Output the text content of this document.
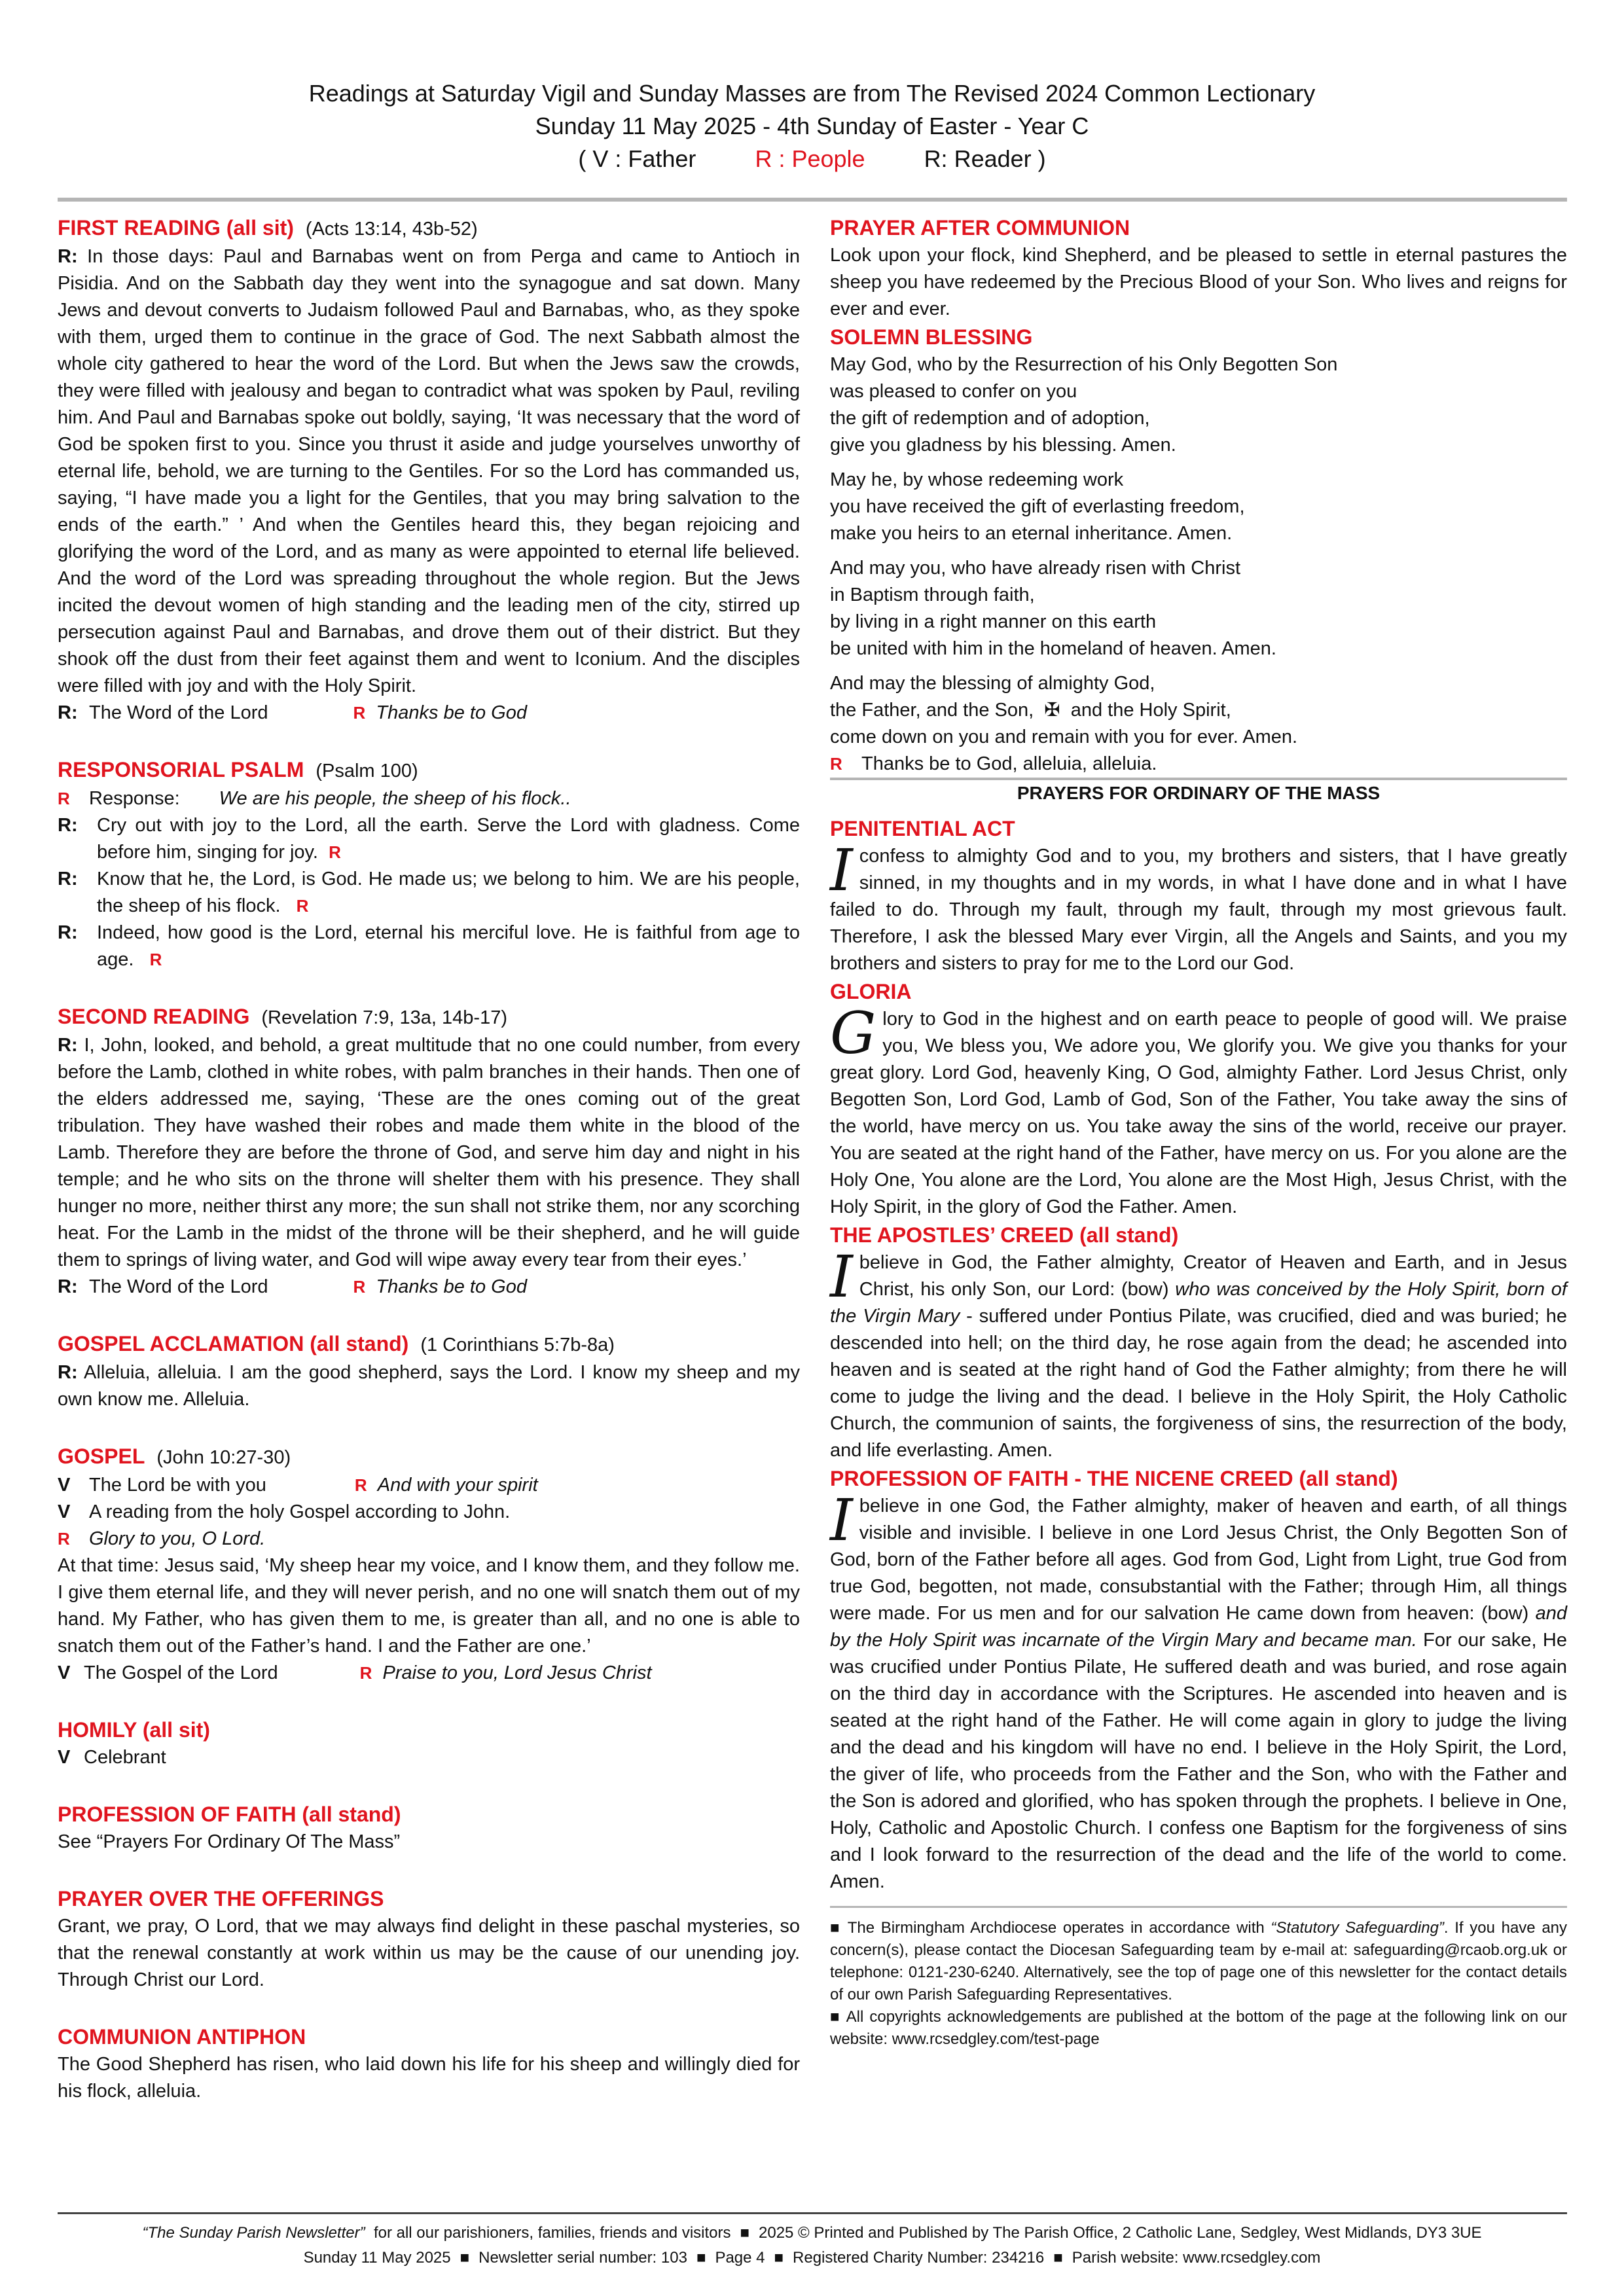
Readings at Saturday Vigil and Sunday Masses are from The Revised 2024 Common Lectionary
Sunday 11 May 2025 - 4th Sunday of Easter - Year C
( V : Father	R : People	R: Reader )
FIRST READING (all sit) (Acts 13:14, 43b-52)

R: In those days: Paul and Barnabas went on from Perga and came to Antioch in Pisidia. And on the Sabbath day they went into the synagogue and sat down. Many Jews and devout converts to Judaism followed Paul and Barnabas, who, as they spoke with them, urged them to continue in the grace of God. The next Sabbath almost the whole city gathered to hear the word of the Lord. But when the Jews saw the crowds, they were filled with jealousy and began to contradict what was spoken by Paul, reviling him. And Paul and Barnabas spoke out boldly, saying, ‘It was necessary that the word of God be spoken first to you. Since you thrust it aside and judge yourselves unworthy of eternal life, behold, we are turning to the Gentiles. For so the Lord has commanded us, saying, “I have made you a light for the Gentiles, that you may bring salvation to the ends of the earth.” ’ And when the Gentiles heard this, they began rejoicing and glorifying the word of the Lord, and as many as were appointed to eternal life believed. And the word of the Lord was spreading throughout the whole region. But the Jews incited the devout women of high standing and the leading men of the city, stirred up persecution against Paul and Barnabas, and drove them out of their district. But they shook off the dust from their feet against them and went to Iconium. And the disciples were filled with joy and with the Holy Spirit.

R: The Word of the Lord	R Thanks be to God
RESPONSORIAL PSALM (Psalm 100)
R Response: We are his people, the sheep of his flock..

R: Cry out with joy to the Lord, all the earth. Serve the Lord with gladness. Come before him, singing for joy. R

R: Know that he, the Lord, is God. He made us; we belong to him. We are his people, the sheep of his flock. R

R: Indeed, how good is the Lord, eternal his merciful love. He is faithful from age to age. R

SECOND READING (Revelation 7:9, 13a, 14b-17)

R: I, John, looked, and behold, a great multitude that no one could number, from every before the Lamb, clothed in white robes, with palm branches in their hands. Then one of the elders addressed me, saying, ‘These are the ones coming out of the great tribulation. They have washed their robes and made them white in the blood of the Lamb. Therefore they are before the throne of God, and serve him day and night in his temple; and he who sits on the throne will shelter them with his presence. They shall hunger no more, neither thirst any more; the sun shall not strike them, nor any scorching heat. For the Lamb in the midst of the throne will be their shepherd, and he will guide them to springs of living water, and God will wipe away every tear from their eyes.’

R: The Word of the Lord	R Thanks be to God
GOSPEL ACCLAMATION (all stand) (1 Corinthians 5:7b-8a)

R: Alleluia, alleluia. I am the good shepherd, says the Lord. I know my sheep and my own know me. Alleluia.

GOSPEL (John 10:27-30)
V The Lord be with you	R And with your spirit
V A reading from the holy Gospel according to John.
R Glory to you, O Lord.

At that time: Jesus said, ‘My sheep hear my voice, and I know them, and they follow me. I give them eternal life, and they will never perish, and no one will snatch them out of my hand. My Father, who has given them to me, is greater than all, and no one is able to snatch them out of the Father’s hand. I and the Father are one.’

V The Gospel of the Lord	R Praise to you, Lord Jesus Christ
HOMILY (all sit)
V Celebrant
PROFESSION OF FAITH (all stand)

See “Prayers For Ordinary Of The Mass”

PRAYER OVER THE OFFERINGS

Grant, we pray, O Lord, that we may always find delight in these paschal mysteries, so that the renewal constantly at work within us may be the cause of our unending joy. Through Christ our Lord.

COMMUNION ANTIPHON

The Good Shepherd has risen, who laid down his life for his sheep and willingly died for his flock, alleluia.

PRAYER AFTER COMMUNION

Look upon your flock, kind Shepherd, and be pleased to settle in eternal pastures the sheep you have redeemed by the Precious Blood of your Son. Who lives and reigns for ever and ever.

SOLEMN BLESSING
May God, who by the Resurrection of his Only Begotten Son
was pleased to confer on you
the gift of redemption and of adoption,
give you gladness by his blessing. Amen.
May he, by whose redeeming work
you have received the gift of everlasting freedom,
make you heirs to an eternal inheritance. Amen.
And may you, who have already risen with Christ
in Baptism through faith,
by living in a right manner on this earth
be united with him in the homeland of heaven. Amen.
And may the blessing of almighty God,
the Father, and the Son, ✠ and the Holy Spirit,
come down on you and remain with you for ever. Amen.
R Thanks be to God, alleluia, alleluia.
PRAYERS FOR ORDINARY OF THE MASS
PENITENTIAL ACT

Iconfess to almighty God and to you, my brothers and sisters, that I have greatly sinned, in my thoughts and in my words, in what I have done and in what I have failed to do. Through my fault, through my fault, through my most grievous fault. Therefore, I ask the blessed Mary ever Virgin, all the Angels and Saints, and you my brothers and sisters to pray for me to the Lord our God.

GLORIA

Glory to God in the highest and on earth peace to people of good will. We praise you, We bless you, We adore you, We glorify you. We give you thanks for your great glory. Lord God, heavenly King, O God, almighty Father. Lord Jesus Christ, only Begotten Son, Lord God, Lamb of God, Son of the Father, You take away the sins of the world, have mercy on us. You take away the sins of the world, receive our prayer. You are seated at the right hand of the Father, have mercy on us. For you alone are the Holy One, You alone are the Lord, You alone are the Most High, Jesus Christ, with the Holy Spirit, in the glory of God the Father. Amen.

THE APOSTLES’ CREED (all stand)

Ibelieve in God, the Father almighty, Creator of Heaven and Earth, and in Jesus Christ, his only Son, our Lord: (bow) who was conceived by the Holy Spirit, born of the Virgin Mary - suffered under Pontius Pilate, was crucified, died and was buried; he descended into hell; on the third day, he rose again from the dead; he ascended into heaven and is seated at the right hand of God the Father almighty; from there he will come to judge the living and the dead. I believe in the Holy Spirit, the Holy Catholic Church, the communion of saints, the forgiveness of sins, the resurrection of the body, and life everlasting. Amen.

PROFESSION OF FAITH - THE NICENE CREED (all stand)

Ibelieve in one God, the Father almighty, maker of heaven and earth, of all things visible and invisible. I believe in one Lord Jesus Christ, the Only Begotten Son of God, born of the Father before all ages. God from God, Light from Light, true God from true God, begotten, not made, consubstantial with the Father; through Him, all things were made. For us men and for our salvation He came down from heaven: (bow) and by the Holy Spirit was incarnate of the Virgin Mary and became man. For our sake, He was crucified under Pontius Pilate, He suffered death and was buried, and rose again on the third day in accordance with the Scriptures. He ascended into heaven and is seated at the right hand of the Father. He will come again in glory to judge the living and the dead and his kingdom will have no end. I believe in the Holy Spirit, the Lord, the giver of life, who proceeds from the Father and the Son, who with the Father and the Son is adored and glorified, who has spoken through the prophets. I believe in One, Holy, Catholic and Apostolic Church. I confess one Baptism for the forgiveness of sins and I look forward to the resurrection of the dead and the life of the world to come. Amen.

■ The Birmingham Archdiocese operates in accordance with “Statutory Safeguarding”. If you have any concern(s), please contact the Diocesan Safeguarding team by e-mail at: safeguarding@rcaob.org.uk or telephone: 0121-230-6240. Alternatively, see the top of page one of this newsletter for the contact details of our own Parish Safeguarding Representatives.

■ All copyrights acknowledgements are published at the bottom of the page at the following link on our website: www.rcsedgley.com/test-page

“The Sunday Parish Newsletter” for all our parishioners, families, friends and visitors ■ 2025 © Printed and Published by The Parish Office, 2 Catholic Lane, Sedgley, West Midlands, DY3 3UE
Sunday 11 May 2025 ■ Newsletter serial number: 103 ■ Page 4 ■ Registered Charity Number: 234216 ■ Parish website: www.rcsedgley.com
